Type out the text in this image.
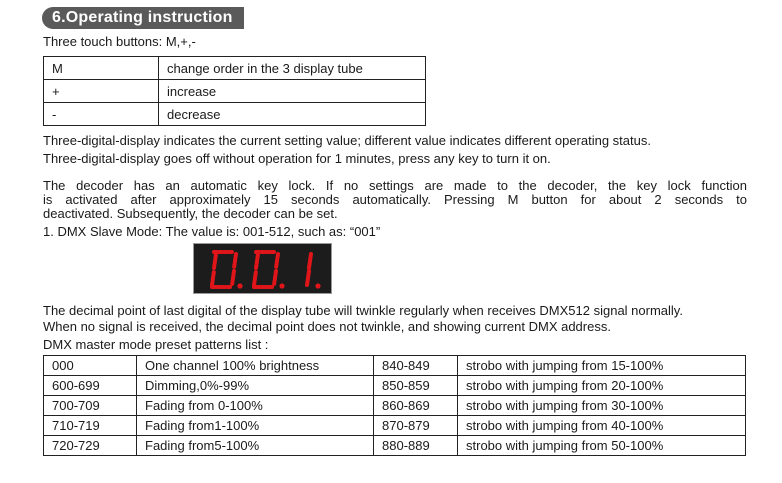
6.Operating instruction
Three touch buttons: M,+,-
M	change order in the 3 display tube
+	increase
-	decrease
Three-digital-display indicates the current setting value; different value indicates different operating status.
Three-digital-display goes off without operation for 1 minutes, press any key to turn it on.
The decoder has an automatic key lock. If no settings are made to the decoder, the key lock function
is activated after approximately 15 seconds automatically. Pressing M button for about 2 seconds to
deactivated. Subsequently, the decoder can be set.
1. DMX Slave Mode: The value is: 001-512, such as: “001”
The decimal point of last digital of the display tube will twinkle regularly when receives DMX512 signal normally.
When no signal is received, the decimal point does not twinkle, and showing current DMX address.
DMX master mode preset patterns list :
000	One channel 100% brightness	840-849	strobo with jumping from 15-100%
600-699	Dimming,0%-99%	850-859	strobo with jumping from 20-100%
700-709	Fading from 0-100%	860-869	strobo with jumping from 30-100%
710-719	Fading from1-100%	870-879	strobo with jumping from 40-100%
720-729	Fading from5-100%	880-889	strobo with jumping from 50-100%
